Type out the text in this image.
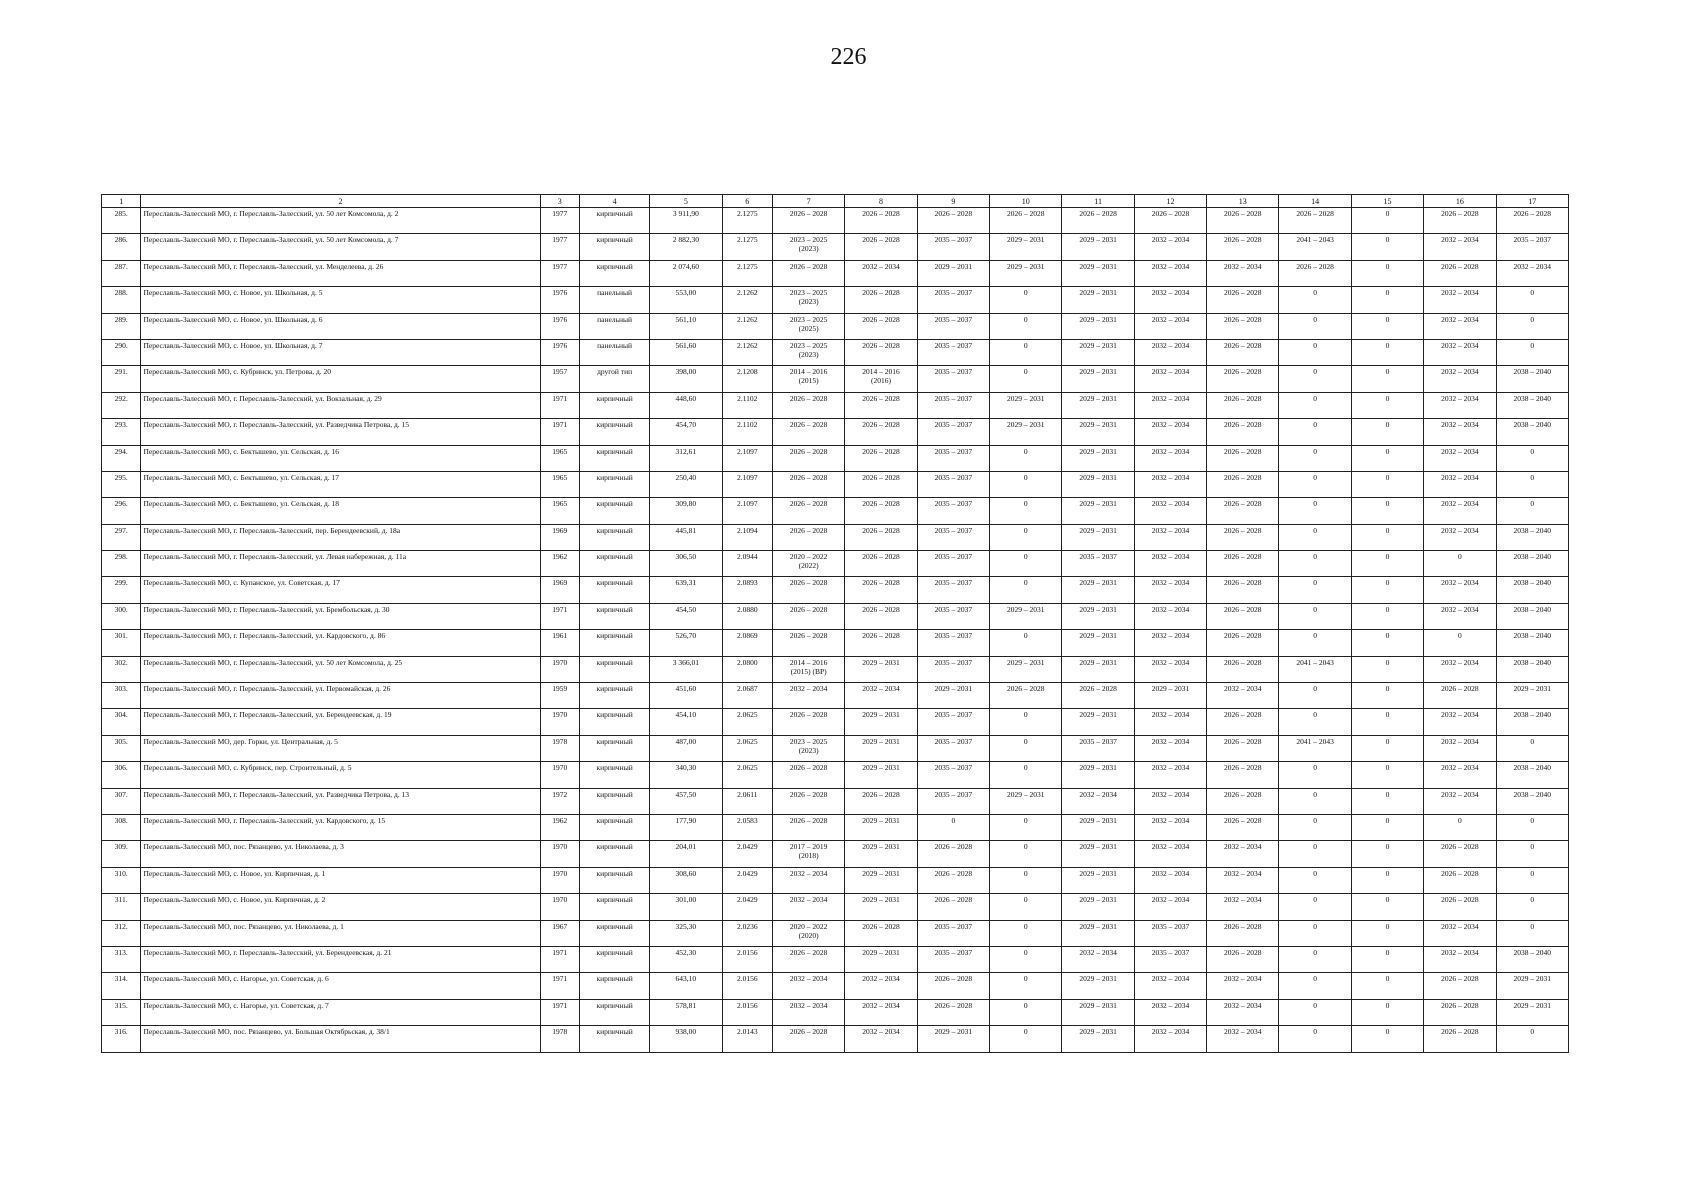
226
1	2	3	4	5	6	7	8	9	10	11	12	13	14	15	16	17
285.	Переславль-Залесский МО, г. Переславль-Залесский, ул. 50 лет Комсомола, д. 2	1977	кирпичный	3 911,90	2.1275	2026 – 2028	2026 – 2028	2026 – 2028	2026 – 2028	2026 – 2028	2026 – 2028	2026 – 2028	2026 – 2028	0	2026 – 2028	2026 – 2028
286.	Переславль-Залесский МО, г. Переславль-Залесский, ул. 50 лет Комсомола, д. 7	1977	кирпичный	2 882,30	2.1275	2023 – 2025
(2023)	2026 – 2028	2035 – 2037	2029 – 2031	2029 – 2031	2032 – 2034	2026 – 2028	2041 – 2043	0	2032 – 2034	2035 – 2037
287.	Переславль-Залесский МО, г. Переславль-Залесский, ул. Менделеева, д. 26	1977	кирпичный	2 074,60	2.1275	2026 – 2028	2032 – 2034	2029 – 2031	2029 – 2031	2029 – 2031	2032 – 2034	2032 – 2034	2026 – 2028	0	2026 – 2028	2032 – 2034
288.	Переславль-Залесский МО, с. Новое, ул. Школьная, д. 5	1976	панельный	553,00	2.1262	2023 – 2025
(2023)	2026 – 2028	2035 – 2037	0	2029 – 2031	2032 – 2034	2026 – 2028	0	0	2032 – 2034	0
289.	Переславль-Залесский МО, с. Новое, ул. Школьная, д. 6	1976	панельный	561,10	2.1262	2023 – 2025
(2025)	2026 – 2028	2035 – 2037	0	2029 – 2031	2032 – 2034	2026 – 2028	0	0	2032 – 2034	0
290.	Переславль-Залесский МО, с. Новое, ул. Школьная, д. 7	1976	панельный	561,60	2.1262	2023 – 2025
(2023)	2026 – 2028	2035 – 2037	0	2029 – 2031	2032 – 2034	2026 – 2028	0	0	2032 – 2034	0
291.	Переславль-Залесский МО, с. Кубринск, ул. Петрова, д. 20	1957	другой тип	398,00	2.1208	2014 – 2016
(2015)	2014 – 2016
(2016)	2035 – 2037	0	2029 – 2031	2032 – 2034	2026 – 2028	0	0	2032 – 2034	2038 – 2040
292.	Переславль-Залесский МО, г. Переславль-Залесский, ул. Вокзальная, д. 29	1971	кирпичный	448,60	2.1102	2026 – 2028	2026 – 2028	2035 – 2037	2029 – 2031	2029 – 2031	2032 – 2034	2026 – 2028	0	0	2032 – 2034	2038 – 2040
293.	Переславль-Залесский МО, г. Переславль-Залесский, ул. Разведчика Петрова, д. 15	1971	кирпичный	454,70	2.1102	2026 – 2028	2026 – 2028	2035 – 2037	2029 – 2031	2029 – 2031	2032 – 2034	2026 – 2028	0	0	2032 – 2034	2038 – 2040
294.	Переславль-Залесский МО, с. Бектышево, ул. Сельская, д. 16	1965	кирпичный	312,61	2.1097	2026 – 2028	2026 – 2028	2035 – 2037	0	2029 – 2031	2032 – 2034	2026 – 2028	0	0	2032 – 2034	0
295.	Переславль-Залесский МО, с. Бектышево, ул. Сельская, д. 17	1965	кирпичный	250,40	2.1097	2026 – 2028	2026 – 2028	2035 – 2037	0	2029 – 2031	2032 – 2034	2026 – 2028	0	0	2032 – 2034	0
296.	Переславль-Залесский МО, с. Бектышево, ул. Сельская, д. 18	1965	кирпичный	309,80	2.1097	2026 – 2028	2026 – 2028	2035 – 2037	0	2029 – 2031	2032 – 2034	2026 – 2028	0	0	2032 – 2034	0
297.	Переславль-Залесский МО, г. Переславль-Залесский, пер. Берендеевский, д. 18а	1969	кирпичный	445,81	2.1094	2026 – 2028	2026 – 2028	2035 – 2037	0	2029 – 2031	2032 – 2034	2026 – 2028	0	0	2032 – 2034	2038 – 2040
298.	Переславль-Залесский МО, г. Переславль-Залесский, ул. Левая набережная, д. 11а	1962	кирпичный	306,50	2.0944	2020 – 2022
(2022)	2026 – 2028	2035 – 2037	0	2035 – 2037	2032 – 2034	2026 – 2028	0	0	0	2038 – 2040
299.	Переславль-Залесский МО, с. Купанское, ул. Советская, д. 17	1969	кирпичный	639,31	2.0893	2026 – 2028	2026 – 2028	2035 – 2037	0	2029 – 2031	2032 – 2034	2026 – 2028	0	0	2032 – 2034	2038 – 2040
300.	Переславль-Залесский МО, г. Переславль-Залесский, ул. Брембольская, д. 30	1971	кирпичный	454,50	2.0880	2026 – 2028	2026 – 2028	2035 – 2037	2029 – 2031	2029 – 2031	2032 – 2034	2026 – 2028	0	0	2032 – 2034	2038 – 2040
301.	Переславль-Залесский МО, г. Переславль-Залесский, ул. Кардовского, д. 86	1961	кирпичный	526,70	2.0869	2026 – 2028	2026 – 2028	2035 – 2037	0	2029 – 2031	2032 – 2034	2026 – 2028	0	0	0	2038 – 2040
302.	Переславль-Залесский МО, г. Переславль-Залесский, ул. 50 лет Комсомола, д. 25	1970	кирпичный	3 366,01	2.0800	2014 – 2016
(2015) (ВР)	2029 – 2031	2035 – 2037	2029 – 2031	2029 – 2031	2032 – 2034	2026 – 2028	2041 – 2043	0	2032 – 2034	2038 – 2040
303.	Переславль-Залесский МО, г. Переславль-Залесский, ул. Первомайская, д. 26	1959	кирпичный	451,60	2.0687	2032 – 2034	2032 – 2034	2029 – 2031	2026 – 2028	2026 – 2028	2029 – 2031	2032 – 2034	0	0	2026 – 2028	2029 – 2031
304.	Переславль-Залесский МО, г. Переславль-Залесский, ул. Берендеевская, д. 19	1970	кирпичный	454,10	2.0625	2026 – 2028	2029 – 2031	2035 – 2037	0	2029 – 2031	2032 – 2034	2026 – 2028	0	0	2032 – 2034	2038 – 2040
305.	Переславль-Залесский МО, дер. Горки, ул. Центральная, д. 5	1978	кирпичный	487,00	2.0625	2023 – 2025
(2023)	2029 – 2031	2035 – 2037	0	2035 – 2037	2032 – 2034	2026 – 2028	2041 – 2043	0	2032 – 2034	0
306.	Переславль-Залесский МО, с. Кубринск, пер. Строительный, д. 5	1970	кирпичный	340,30	2.0625	2026 – 2028	2029 – 2031	2035 – 2037	0	2029 – 2031	2032 – 2034	2026 – 2028	0	0	2032 – 2034	2038 – 2040
307.	Переславль-Залесский МО, г. Переславль-Залесский, ул. Разведчика Петрова, д. 13	1972	кирпичный	457,50	2.0611	2026 – 2028	2026 – 2028	2035 – 2037	2029 – 2031	2032 – 2034	2032 – 2034	2026 – 2028	0	0	2032 – 2034	2038 – 2040
308.	Переславль-Залесский МО, г. Переславль-Залесский, ул. Кардовского, д. 15	1962	кирпичный	177,90	2.0583	2026 – 2028	2029 – 2031	0	0	2029 – 2031	2032 – 2034	2026 – 2028	0	0	0	0
309.	Переславль-Залесский МО, пос. Рязанцево, ул. Николаева, д. 3	1970	кирпичный	204,01	2.0429	2017 – 2019
(2018)	2029 – 2031	2026 – 2028	0	2029 – 2031	2032 – 2034	2032 – 2034	0	0	2026 – 2028	0
310.	Переславль-Залесский МО, с. Новое, ул. Кирпичная, д. 1	1970	кирпичный	308,60	2.0429	2032 – 2034	2029 – 2031	2026 – 2028	0	2029 – 2031	2032 – 2034	2032 – 2034	0	0	2026 – 2028	0
311.	Переславль-Залесский МО, с. Новое, ул. Кирпичная, д. 2	1970	кирпичный	301,00	2.0429	2032 – 2034	2029 – 2031	2026 – 2028	0	2029 – 2031	2032 – 2034	2032 – 2034	0	0	2026 – 2028	0
312.	Переславль-Залесский МО, пос. Рязанцево, ул. Николаева, д. 1	1967	кирпичный	325,30	2.0236	2020 – 2022
(2020)	2026 – 2028	2035 – 2037	0	2029 – 2031	2035 – 2037	2026 – 2028	0	0	2032 – 2034	0
313.	Переславль-Залесский МО, г. Переславль-Залесский, ул. Берендеевская, д. 21	1971	кирпичный	452,30	2.0156	2026 – 2028	2029 – 2031	2035 – 2037	0	2032 – 2034	2035 – 2037	2026 – 2028	0	0	2032 – 2034	2038 – 2040
314.	Переславль-Залесский МО, с. Нагорье, ул. Советская, д. 6	1971	кирпичный	643,10	2.0156	2032 – 2034	2032 – 2034	2026 – 2028	0	2029 – 2031	2032 – 2034	2032 – 2034	0	0	2026 – 2028	2029 – 2031
315.	Переславль-Залесский МО, с. Нагорье, ул. Советская, д. 7	1971	кирпичный	578,81	2.0156	2032 – 2034	2032 – 2034	2026 – 2028	0	2029 – 2031	2032 – 2034	2032 – 2034	0	0	2026 – 2028	2029 – 2031
316.	Переславль-Залесский МО, пос. Рязанцево, ул. Большая Октябрьская, д. 38/1	1978	кирпичный	938,00	2.0143	2026 – 2028	2032 – 2034	2029 – 2031	0	2029 – 2031	2032 – 2034	2032 – 2034	0	0	2026 – 2028	0
